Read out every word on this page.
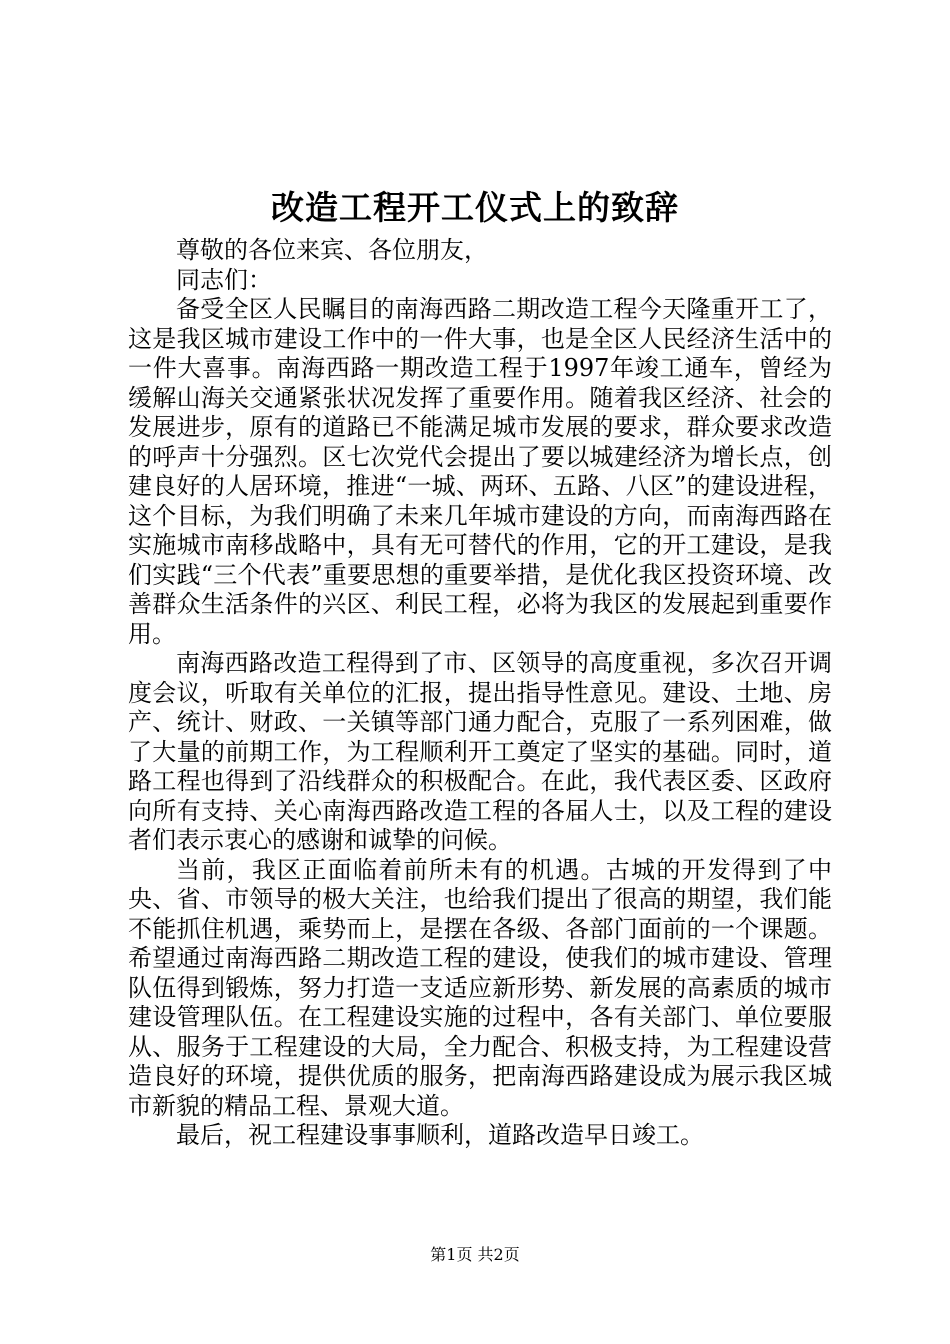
改造工程开工仪式上的致辞

尊敬的各位来宾、各位朋友，

同志们：

备受全区人民瞩目的南海西路二期改造工程今天隆重开工了，这是我区城市建设工作中的一件大事，也是全区人民经济生活中的一件大喜事。南海西路一期改造工程于1997年竣工通车，曾经为缓解山海关交通紧张状况发挥了重要作用。随着我区经济、社会的发展进步，原有的道路已不能满足城市发展的要求，群众要求改造的呼声十分强烈。区七次党代会提出了要以城建经济为增长点，创建良好的人居环境，推进“一城、两环、五路、八区”的建设进程，这个目标，为我们明确了未来几年城市建设的方向，而南海西路在实施城市南移战略中，具有无可替代的作用，它的开工建设，是我们实践“三个代表”重要思想的重要举措，是优化我区投资环境、改善群众生活条件的兴区、利民工程，必将为我区的发展起到重要作用。

南海西路改造工程得到了市、区领导的高度重视，多次召开调度会议，听取有关单位的汇报，提出指导性意见。建设、土地、房产、统计、财政、一关镇等部门通力配合，克服了一系列困难，做了大量的前期工作，为工程顺利开工奠定了坚实的基础。同时，道路工程也得到了沿线群众的积极配合。在此，我代表区委、区政府向所有支持、关心南海西路改造工程的各届人士，以及工程的建设者们表示衷心的感谢和诚挚的问候。

当前，我区正面临着前所未有的机遇。古城的开发得到了中央、省、市领导的极大关注，也给我们提出了很高的期望，我们能不能抓住机遇，乘势而上，是摆在各级、各部门面前的一个课题。希望通过南海西路二期改造工程的建设，使我们的城市建设、管理队伍得到锻炼，努力打造一支适应新形势、新发展的高素质的城市建设管理队伍。在工程建设实施的过程中，各有关部门、单位要服从、服务于工程建设的大局，全力配合、积极支持，为工程建设营造良好的环境，提供优质的服务，把南海西路建设成为展示我区城市新貌的精品工程、景观大道。

最后，祝工程建设事事顺利，道路改造早日竣工。

第1页 共2页
